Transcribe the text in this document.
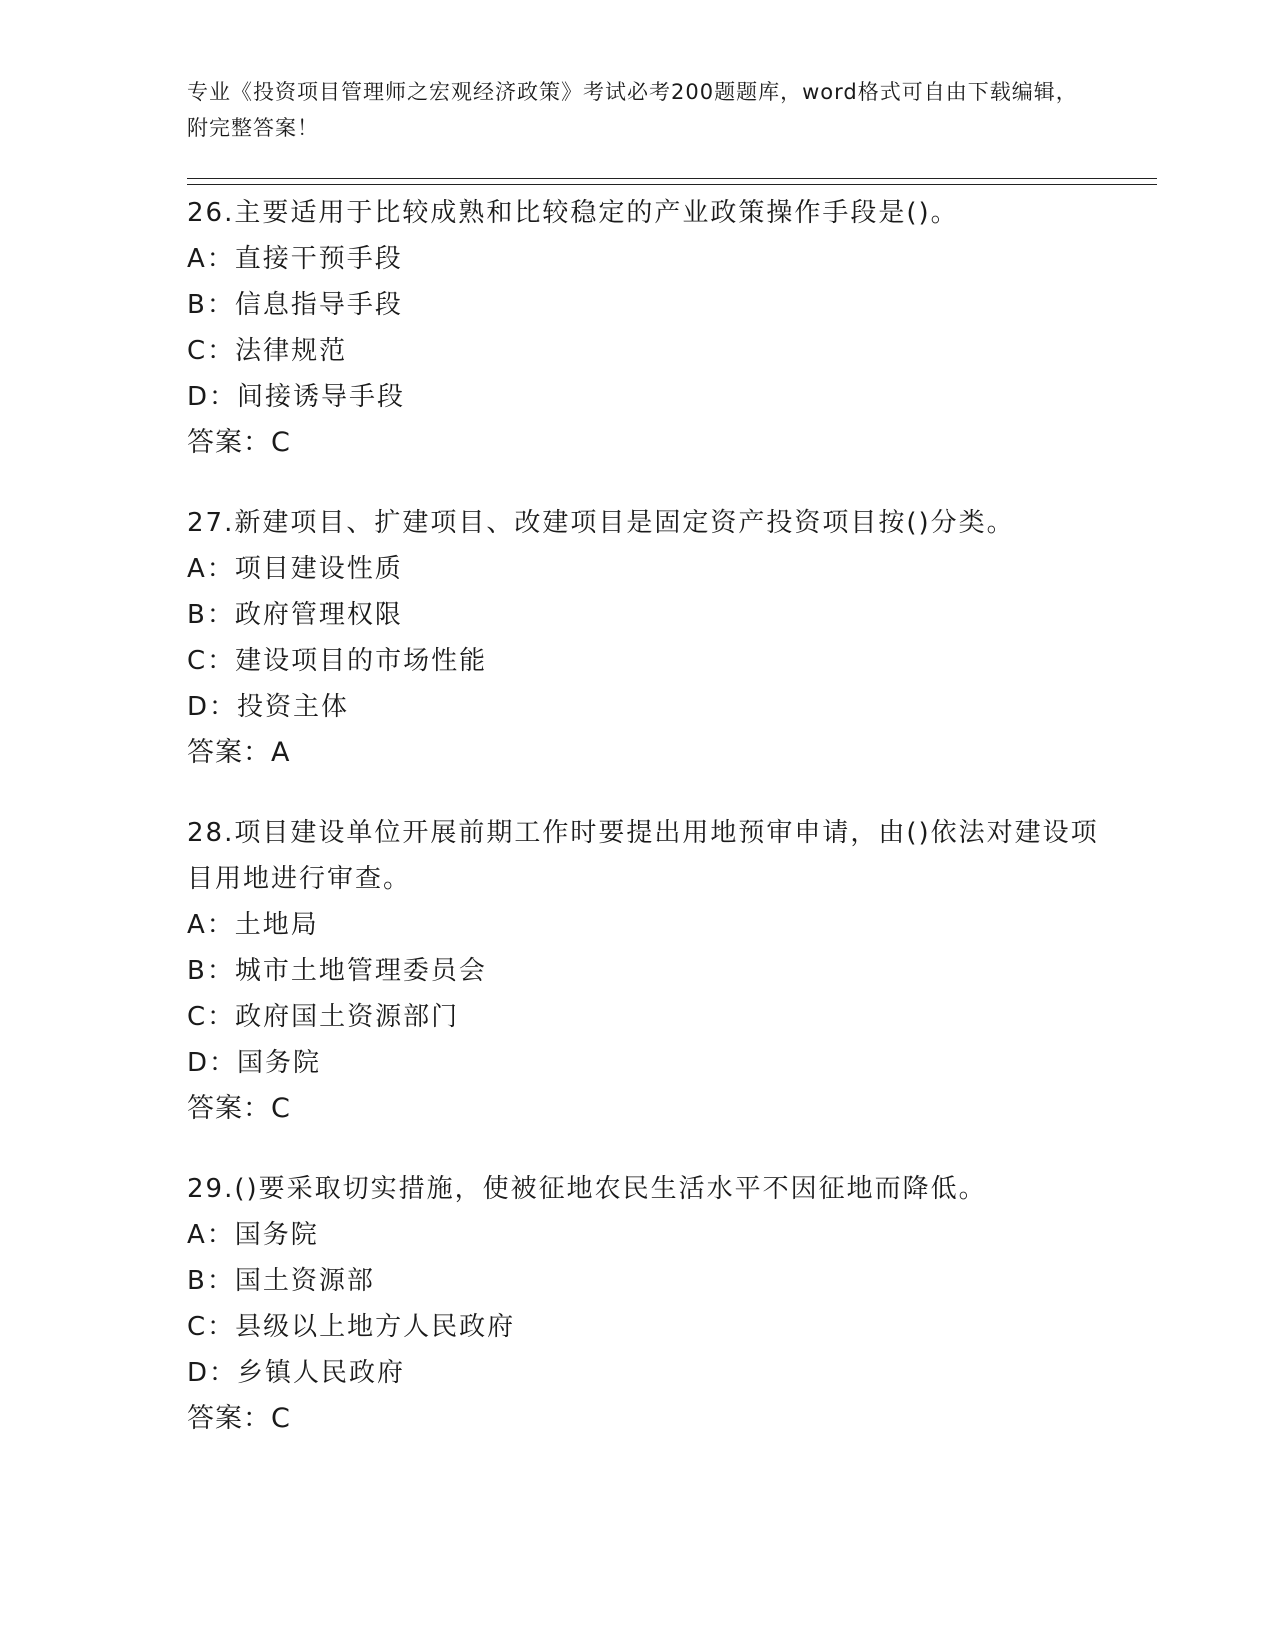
专业《投资项目管理师之宏观经济政策》考试必考200题题库，word格式可自由下载编辑，附完整答案！
26.主要适用于比较成熟和比较稳定的产业政策操作手段是()。
A：直接干预手段
B：信息指导手段
C：法律规范
D：间接诱导手段
答案：C
27.新建项目、扩建项目、改建项目是固定资产投资项目按()分类。
A：项目建设性质
B：政府管理权限
C：建设项目的市场性能
D：投资主体
答案：A
28.项目建设单位开展前期工作时要提出用地预审申请，由()依法对建设项目用地进行审查。
A：土地局
B：城市土地管理委员会
C：政府国土资源部门
D：国务院
答案：C
29.()要采取切实措施，使被征地农民生活水平不因征地而降低。
A：国务院
B：国土资源部
C：县级以上地方人民政府
D：乡镇人民政府
答案：C
